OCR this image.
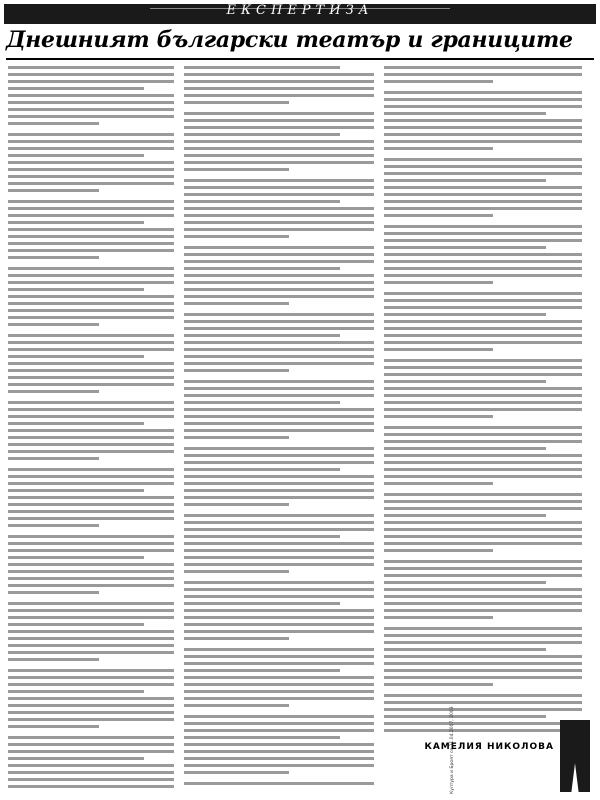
ЕКСПЕРТИЗА
Днешният български театър и границите
КАМЕЛИЯ НИКОЛОВА
Култура и Броят се 21.04.2007, 2003
